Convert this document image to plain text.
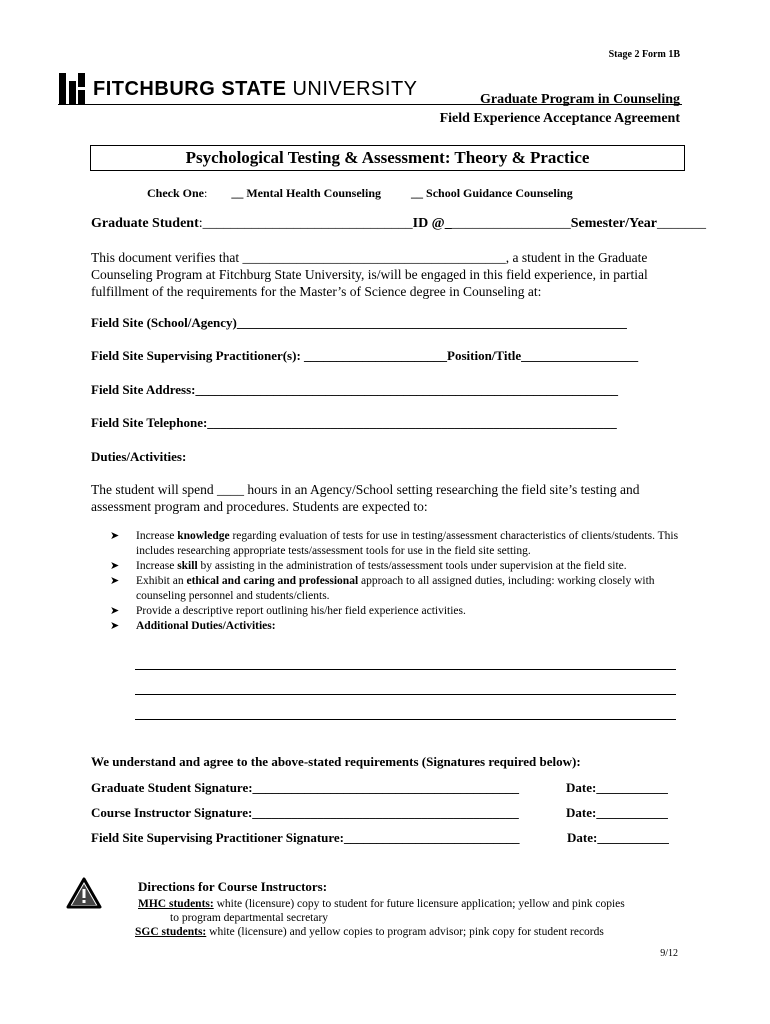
Stage 2 Form 1B
FITCHBURG STATE UNIVERSITY	Graduate Program in Counseling
Field Experience Acceptance Agreement
Psychological Testing & Assessment: Theory & Practice
Check One: __ Mental Health Counseling	__ School Guidance Counseling
Graduate Student:______________________________ID @__________________Semester/Year_______
This document verifies that _______________________________________, a student in the Graduate Counseling Program at Fitchburg State University, is/will be engaged in this field experience, in partial fulfillment of the requirements for the Master’s of Science degree in Counseling at:
Field Site (School/Agency)____________________________________________________________
Field Site Supervising Practitioner(s): ______________________Position/Title__________________
Field Site Address:_________________________________________________________________
Field Site Telephone:_______________________________________________________________
Duties/Activities:
The student will spend ____ hours in an Agency/School setting researching the field site’s testing and assessment program and procedures. Students are expected to:
➤ Increase knowledge regarding evaluation of tests for use in testing/assessment characteristics of clients/students. This includes researching appropriate tests/assessment tools for use in the field site setting.
➤ Increase skill by assisting in the administration of tests/assessment tools under supervision at the field site.
➤ Exhibit an ethical and caring and professional approach to all assigned duties, including: working closely with counseling personnel and students/clients.
➤ Provide a descriptive report outlining his/her field experience activities.
➤ Additional Duties/Activities:
We understand and agree to the above-stated requirements (Signatures required below):
Graduate Student Signature:_________________________________________	Date:___________
Course Instructor Signature:_________________________________________	Date:___________
Field Site Supervising Practitioner Signature:___________________________	Date:___________
Directions for Course Instructors:
MHC students: white (licensure) copy to student for future licensure application; yellow and pink copies
to program departmental secretary
SGC students: white (licensure) and yellow copies to program advisor; pink copy for student records
9/12
